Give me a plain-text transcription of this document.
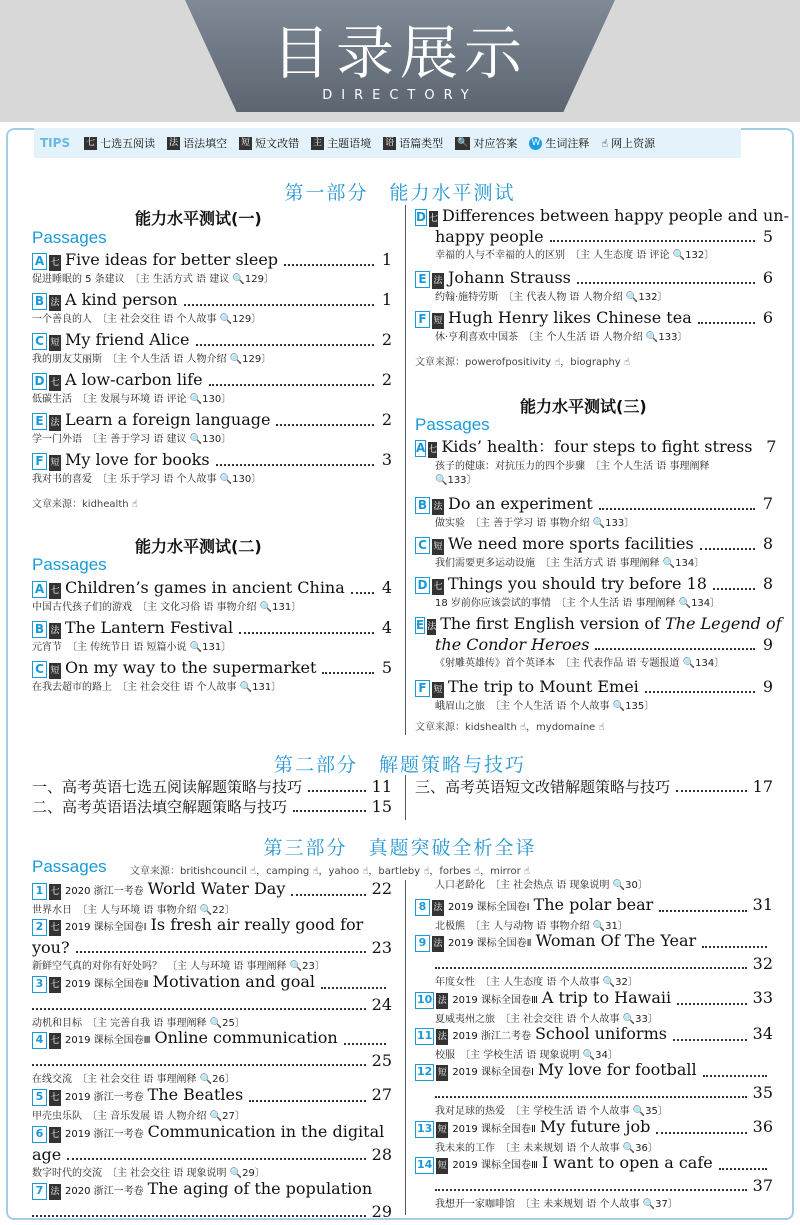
目录展示
DIRECTORY
TIPS 七 七选五阅读 法 语法填空 短 短文改错 主 主题语境 语 语篇类型 🔍 对应答案 W 生词注释 ☝ 网上资源
第一部分　能力水平测试
能力水平测试(一)
Passages
A 七 Five ideas for better sleep	1
促进睡眠的 5 条建议　〔主 生活方式 语 建议 🔍129〕
B 法 A kind person	1
一个善良的人　〔主 社会交往 语 个人故事 🔍129〕
C 短 My friend Alice	2
我的朋友艾丽斯　〔主 个人生活 语 人物介绍 🔍129〕
D 七 A low-carbon life	2
低碳生活　〔主 发展与环境 语 评论 🔍130〕
E 法 Learn a foreign language	2
学一门外语　〔主 善于学习 语 建议 🔍130〕
F 短 My love for books	3
我对书的喜爱　〔主 乐于学习 语 个人故事 🔍130〕
文章来源：kidhealth ☝
能力水平测试(二)
Passages
A 七 Children’s games in ancient China 4
中国古代孩子们的游戏　〔主 文化习俗 语 事物介绍 🔍131〕
B 法 The Lantern Festival	4
元宵节　〔主 传统节日 语 短篇小说 🔍131〕
C 短 On my way to the supermarket	5
在我去超市的路上　〔主 社会交往 语 个人故事 🔍131〕
D 七 Differences between happy people and un-
happy people	5
幸福的人与不幸福的人的区别　〔主 人生态度 语 评论 🔍132〕
E 法 Johann Strauss	6
约翰·施特劳斯　〔主 代表人物 语 人物介绍 🔍132〕
F 短 Hugh Henry likes Chinese tea	6
休·亨利喜欢中国茶　〔主 个人生活 语 人物介绍 🔍133〕
文章来源：powerofpositivity ☝，biography ☝
能力水平测试(三)
Passages
A 七 Kids’ health：four steps to fight stress 7
孩子的健康：对抗压力的四个步骤　〔主 个人生活 语 事理阐释
🔍133〕
B 法 Do an experiment	7
做实验　〔主 善于学习 语 事物介绍 🔍133〕
C 短 We need more sports facilities	8
我们需要更多运动设施　〔主 生活方式 语 事理阐释 🔍134〕
D 七 Things you should try before 18	8
18 岁前你应该尝试的事情　〔主 个人生活 语 事理阐释 🔍134〕
E 法 The first English version of
The Legend of
the Condor Heroes	9
《射雕英雄传》首个英译本　〔主 代表作品 语 专题报道 🔍134〕
F 短 The trip to Mount Emei	9
峨眉山之旅　〔主 个人生活 语 个人故事 🔍135〕
文章来源：kidshealth ☝，mydomaine ☝
第二部分　解题策略与技巧
一、高考英语七选五阅读解题策略与技巧	11
二、高考英语语法填空解题策略与技巧	15
三、高考英语短文改错解题策略与技巧	17
第三部分　真题突破全析全译
Passages 文章来源：britishcouncil ☝，camping ☝，yahoo ☝，bartleby ☝，forbes ☝，mirror ☝
1 七 2020 浙江一考卷 World Water Day	22
世界水日　〔主 人与环境 语 事物介绍 🔍22〕
2 七 2019 课标全国卷Ⅰ Is fresh air really good for
you?	23
新鲜空气真的对你有好处吗？　〔主 人与环境 语 事理阐释 🔍23〕
3 七 2019 课标全国卷Ⅱ Motivation and goal
24
动机和目标　〔主 完善自我 语 事理阐释 🔍25〕
4 七 2019 课标全国卷Ⅲ Online communication
25
在线交流　〔主 社会交往 语 事理阐释 🔍26〕
5 七 2019 浙江一考卷 The Beatles	27
甲壳虫乐队　〔主 音乐发展 语 人物介绍 🔍27〕
6 七 2019 浙江一考卷 Communication in the digital
age	28
数字时代的交流　〔主 社会交往 语 现象说明 🔍29〕
7 法 2020 浙江一考卷 The aging of the population
29
人口老龄化　〔主 社会热点 语 现象说明 🔍30〕
8 法 2019 课标全国卷Ⅰ The polar bear	31
北极熊　〔主 人与动物 语 事物介绍 🔍31〕
9 法 2019 课标全国卷Ⅱ Woman Of The Year
32
年度女性　〔主 人生态度 语 个人故事 🔍32〕
10 法 2019 课标全国卷Ⅲ A trip to Hawaii	33
夏威夷州之旅　〔主 社会交往 语 个人故事 🔍33〕
11 法 2019 浙江二考卷 School uniforms	34
校服　〔主 学校生活 语 现象说明 🔍34〕
12 短 2019 课标全国卷Ⅰ My love for football
35
我对足球的热爱　〔主 学校生活 语 个人故事 🔍35〕
13 短 2019 课标全国卷Ⅱ My future job	36
我未来的工作　〔主 未来规划 语 个人故事 🔍36〕
14 短 2019 课标全国卷Ⅲ I want to open a cafe
37
我想开一家咖啡馆　〔主 未来规划 语 个人故事 🔍37〕
